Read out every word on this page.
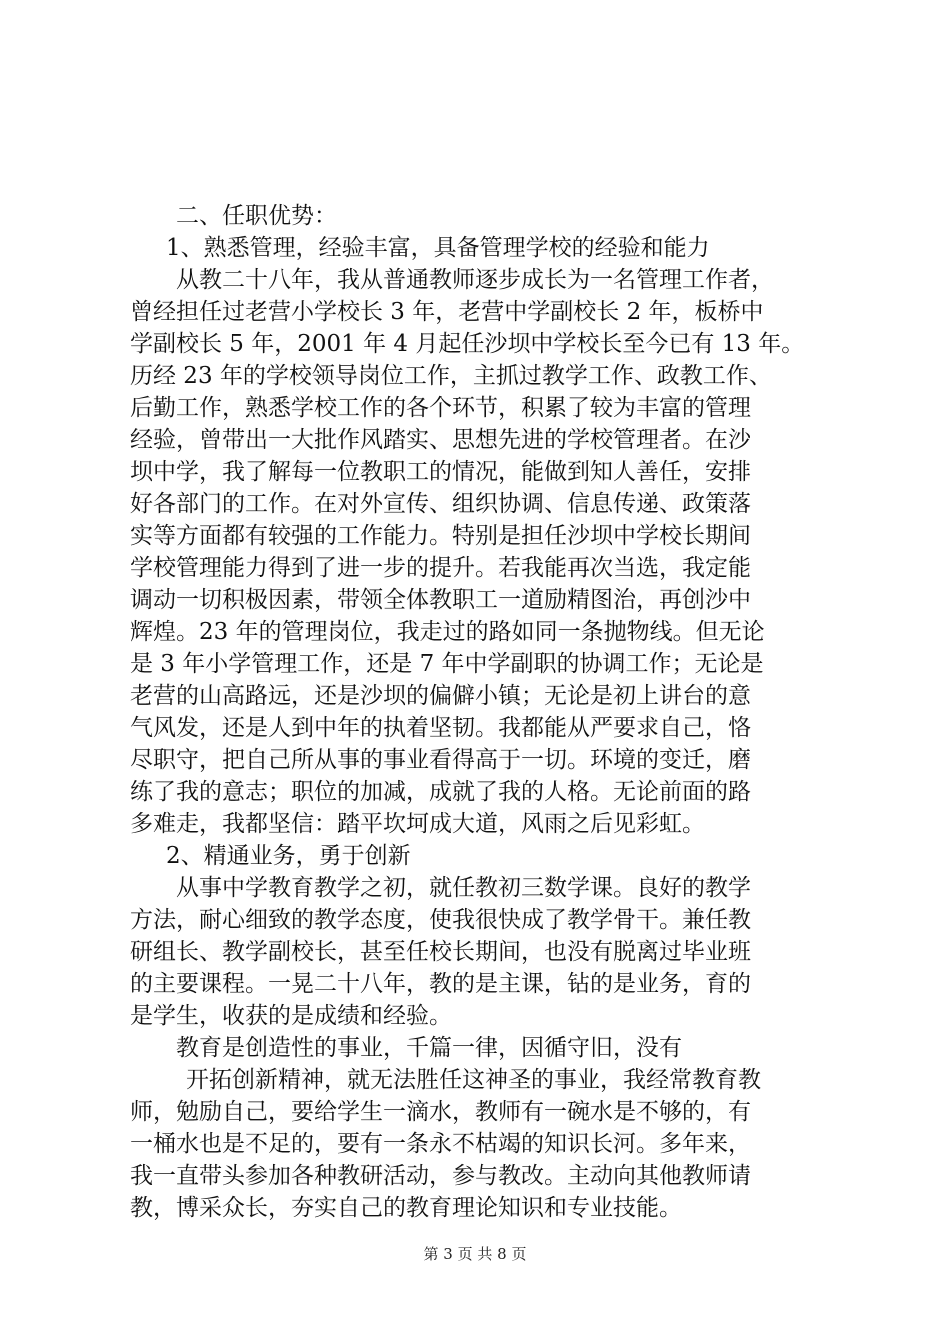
二、任职优势：
1、熟悉管理，经验丰富，具备管理学校的经验和能力
从教二十八年，我从普通教师逐步成长为一名管理工作者，
曾经担任过老营小学校长 3 年，老营中学副校长 2 年，板桥中
学副校长 5 年，2001 年 4 月起任沙坝中学校长至今已有 13 年。
历经 23 年的学校领导岗位工作，主抓过教学工作、政教工作、
后勤工作，熟悉学校工作的各个环节，积累了较为丰富的管理
经验，曾带出一大批作风踏实、思想先进的学校管理者。在沙
坝中学，我了解每一位教职工的情况，能做到知人善任，安排
好各部门的工作。在对外宣传、组织协调、信息传递、政策落
实等方面都有较强的工作能力。特别是担任沙坝中学校长期间
学校管理能力得到了进一步的提升。若我能再次当选，我定能
调动一切积极因素，带领全体教职工一道励精图治，再创沙中
辉煌。23 年的管理岗位，我走过的路如同一条抛物线。但无论
是 3 年小学管理工作，还是 7 年中学副职的协调工作；无论是
老营的山高路远，还是沙坝的偏僻小镇；无论是初上讲台的意
气风发，还是人到中年的执着坚韧。我都能从严要求自己，恪
尽职守，把自己所从事的事业看得高于一切。环境的变迁，磨
练了我的意志；职位的加减，成就了我的人格。无论前面的路
多难走，我都坚信：踏平坎坷成大道，风雨之后见彩虹。
2、精通业务，勇于创新
从事中学教育教学之初，就任教初三数学课。良好的教学
方法，耐心细致的教学态度，使我很快成了教学骨干。兼任教
研组长、教学副校长，甚至任校长期间，也没有脱离过毕业班
的主要课程。一晃二十八年，教的是主课，钻的是业务，育的
是学生，收获的是成绩和经验。
教育是创造性的事业，千篇一律，因循守旧，没有
开拓创新精神，就无法胜任这神圣的事业，我经常教育教
师，勉励自己，要给学生一滴水，教师有一碗水是不够的，有
一桶水也是不足的，要有一条永不枯竭的知识长河。多年来，
我一直带头参加各种教研活动，参与教改。主动向其他教师请
教，博采众长，夯实自己的教育理论知识和专业技能。
第 3 页 共 8 页
